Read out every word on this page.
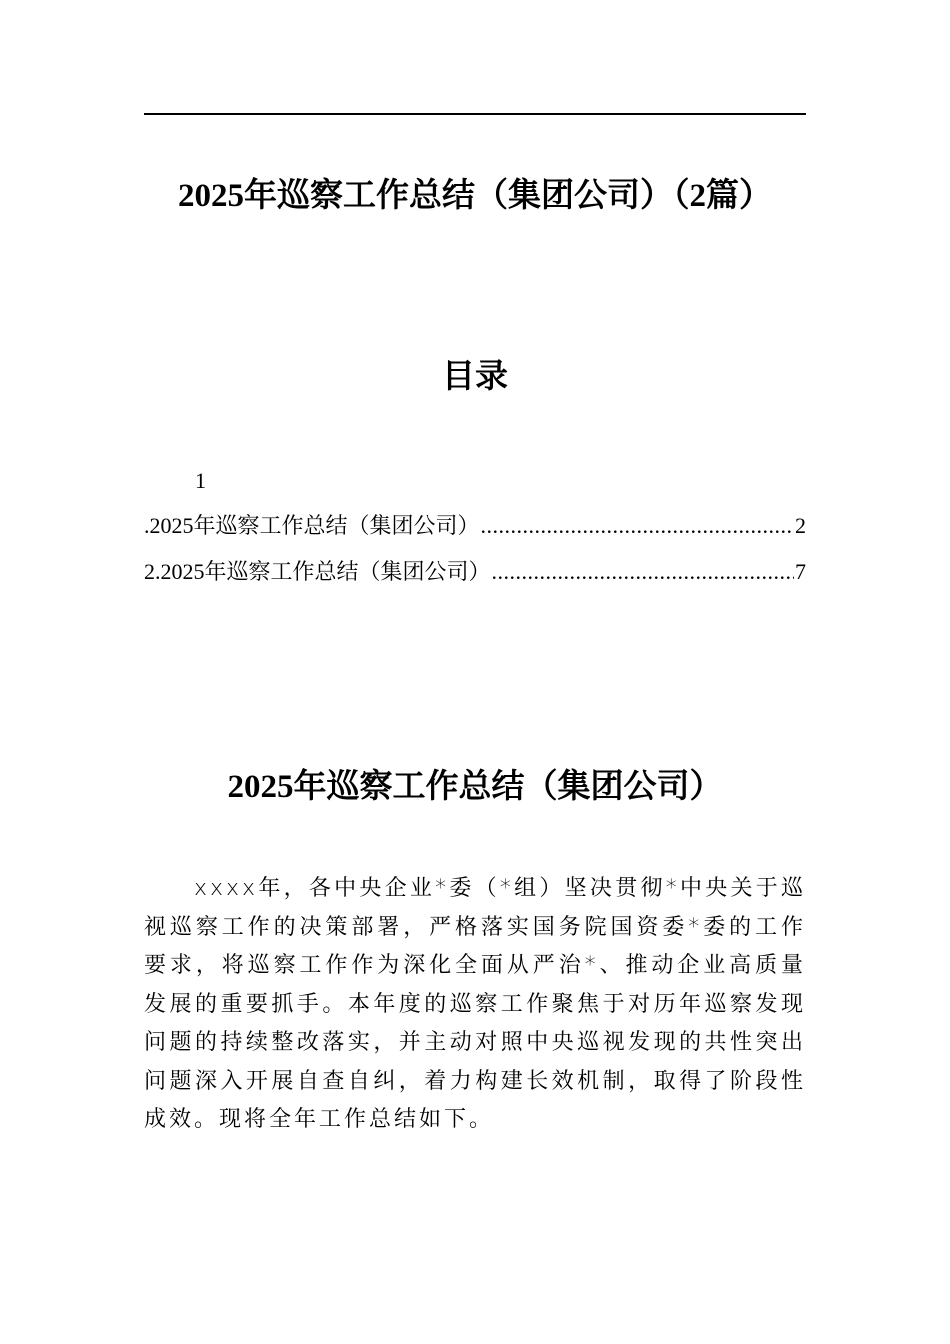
2025年巡察工作总结（集团公司）（2篇）
目录
1
.2025年巡察工作总结（集团公司） .....	2
2.2025年巡察工作总结（集团公司） .....	7
2025年巡察工作总结（集团公司）

xxxx年，各中央企业*委（*组）坚决贯彻*中央关于巡视巡察工作的决策部署，严格落实国务院国资委*委的工作要求，将巡察工作作为深化全面从严治*、推动企业高质量发展的重要抓手。本年度的巡察工作聚焦于对历年巡察发现问题的持续整改落实，并主动对照中央巡视发现的共性突出问题深入开展自查自纠，着力构建长效机制，取得了阶段性成效。现将全年工作总结如下。
